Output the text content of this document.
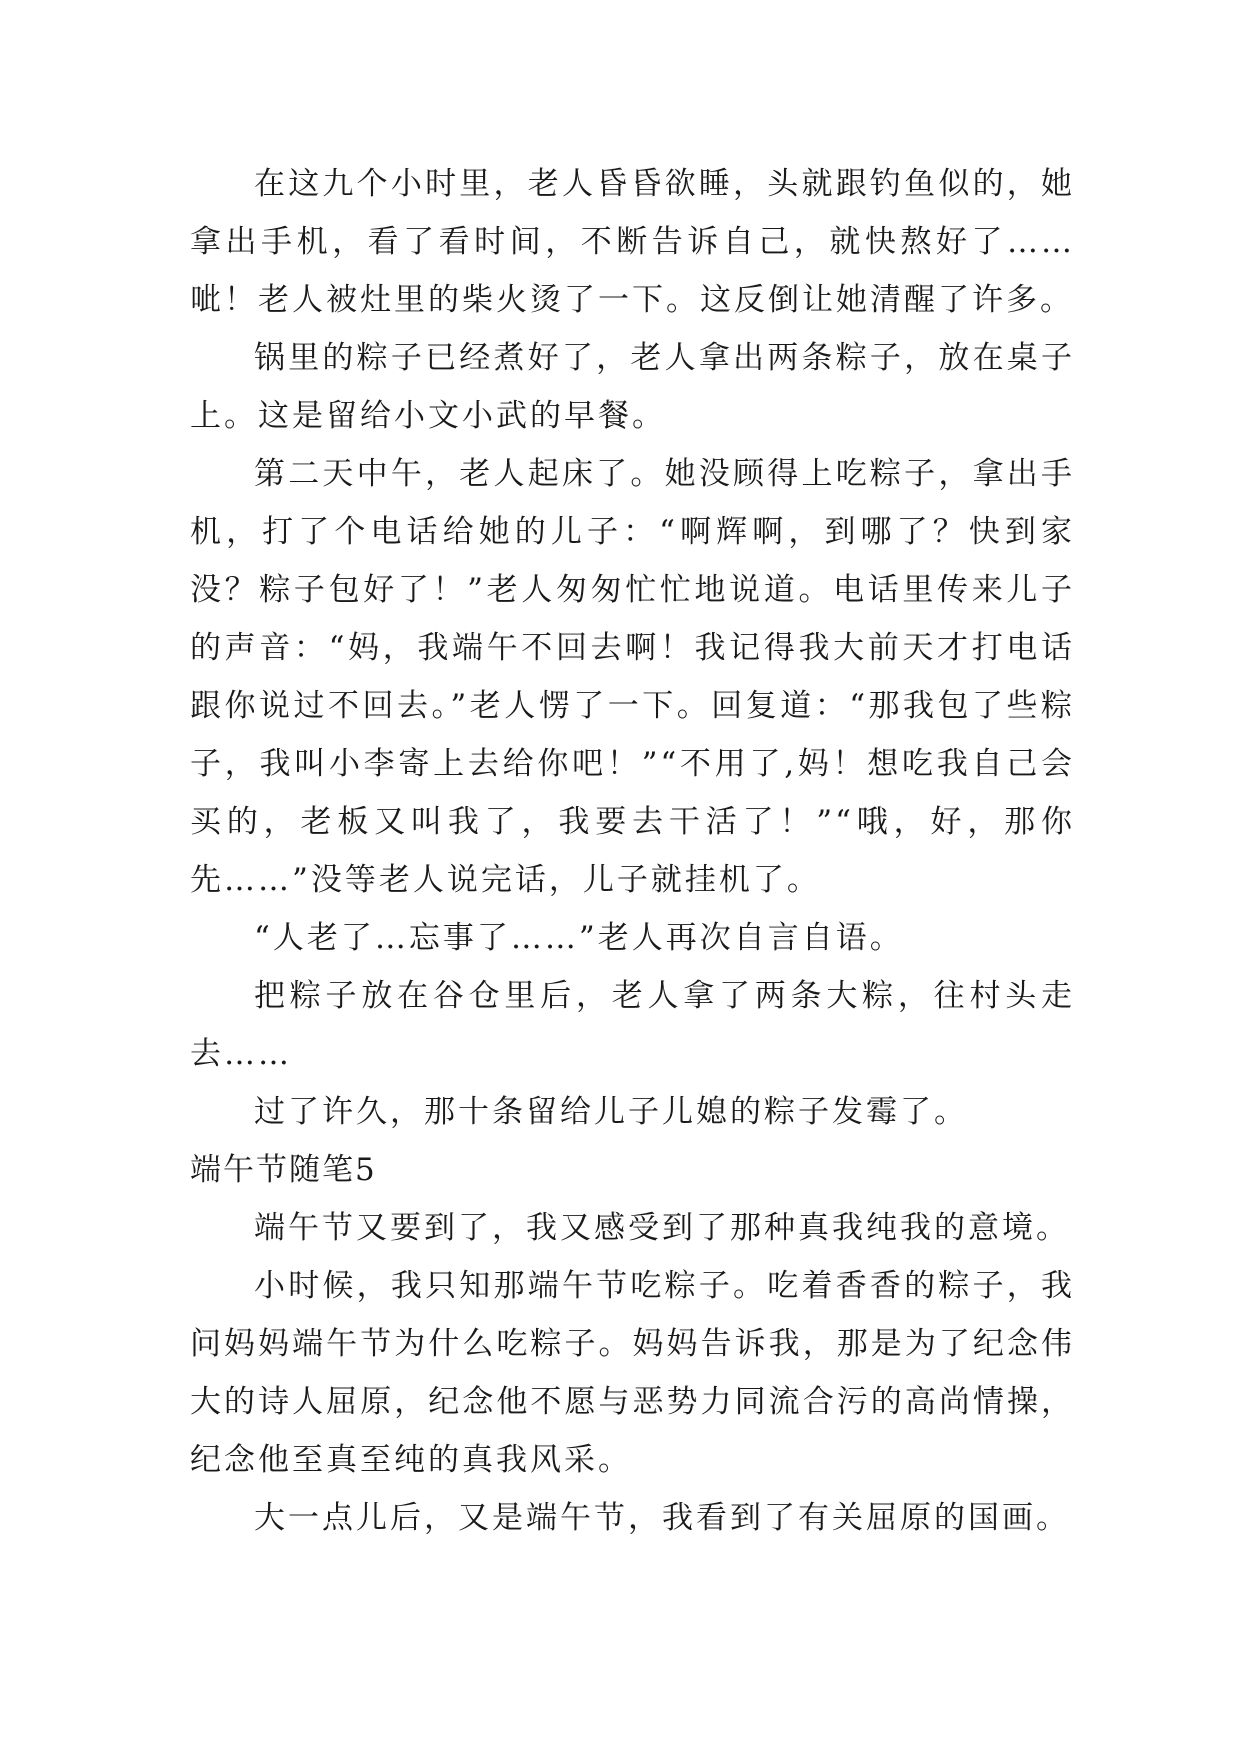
在这九个小时里，老人昏昏欲睡，头就跟钓鱼似的，她拿出手机，看了看时间，不断告诉自己，就快熬好了……呲！老人被灶里的柴火烫了一下。这反倒让她清醒了许多。

锅里的粽子已经煮好了，老人拿出两条粽子，放在桌子上。这是留给小文小武的早餐。

第二天中午，老人起床了。她没顾得上吃粽子，拿出手机，打了个电话给她的儿子：“啊辉啊，到哪了？快到家没？粽子包好了！”老人匆匆忙忙地说道。电话里传来儿子的声音：“妈，我端午不回去啊！我记得我大前天才打电话跟你说过不回去。”老人愣了一下。回复道：“那我包了些粽子，我叫小李寄上去给你吧！”“不用了,妈！想吃我自己会买的，老板又叫我了，我要去干活了！”“哦，好，那你先……”没等老人说完话，儿子就挂机了。

“人老了…忘事了……”老人再次自言自语。

把粽子放在谷仓里后，老人拿了两条大粽，往村头走去……

过了许久，那十条留给儿子儿媳的粽子发霉了。

端午节随笔5

端午节又要到了，我又感受到了那种真我纯我的意境。

小时候，我只知那端午节吃粽子。吃着香香的粽子，我问妈妈端午节为什么吃粽子。妈妈告诉我，那是为了纪念伟大的诗人屈原，纪念他不愿与恶势力同流合污的高尚情操，纪念他至真至纯的真我风采。

大一点儿后，又是端午节，我看到了有关屈原的国画。
